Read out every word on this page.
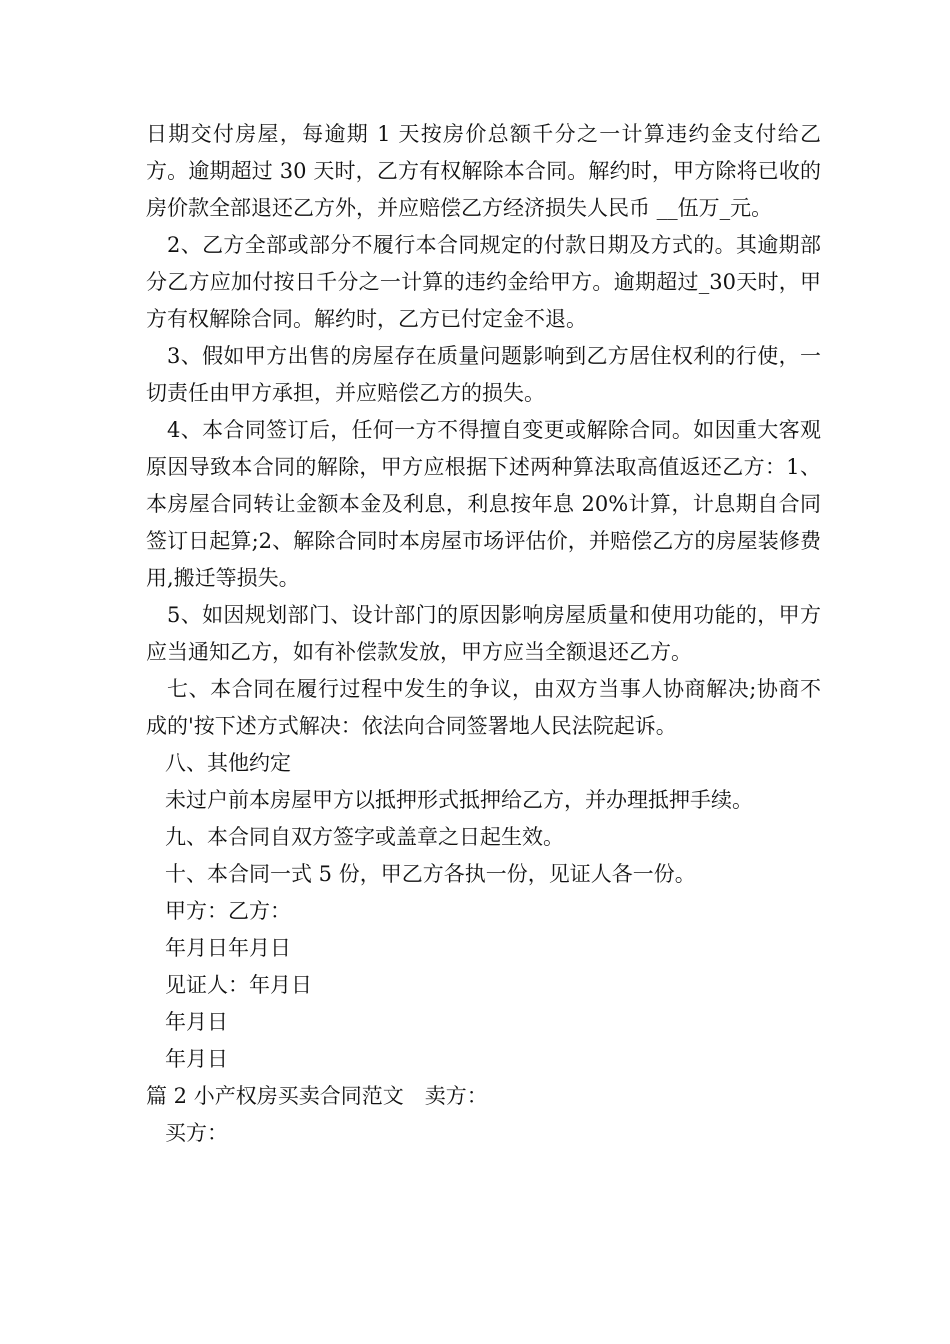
日期交付房屋，每逾期 1 天按房价总额千分之一计算违约金支付给乙方。逾期超过 30 天时，乙方有权解除本合同。解约时，甲方除将已收的房价款全部退还乙方外，并应赔偿乙方经济损失人民币 __伍万_元。

2、乙方全部或部分不履行本合同规定的付款日期及方式的。其逾期部分乙方应加付按日千分之一计算的违约金给甲方。逾期超过_30天时，甲方有权解除合同。解约时，乙方已付定金不退。

3、假如甲方出售的房屋存在质量问题影响到乙方居住权利的行使，一切责任由甲方承担，并应赔偿乙方的损失。

4、本合同签订后，任何一方不得擅自变更或解除合同。如因重大客观原因导致本合同的解除，甲方应根据下述两种算法取高值返还乙方：1、本房屋合同转让金额本金及利息，利息按年息 20%计算，计息期自合同签订日起算;2、解除合同时本房屋市场评估价，并赔偿乙方的房屋装修费用,搬迁等损失。

5、如因规划部门、设计部门的原因影响房屋质量和使用功能的，甲方应当通知乙方，如有补偿款发放，甲方应当全额退还乙方。

七、本合同在履行过程中发生的争议，由双方当事人协商解决;协商不成的'按下述方式解决：依法向合同签署地人民法院起诉。

八、其他约定

未过户前本房屋甲方以抵押形式抵押给乙方，并办理抵押手续。

九、本合同自双方签字或盖章之日起生效。

十、本合同一式 5 份，甲乙方各执一份，见证人各一份。

甲方：乙方：

年月日年月日

见证人：年月日

年月日

年月日

篇 2 小产权房买卖合同范文　卖方：

买方：
